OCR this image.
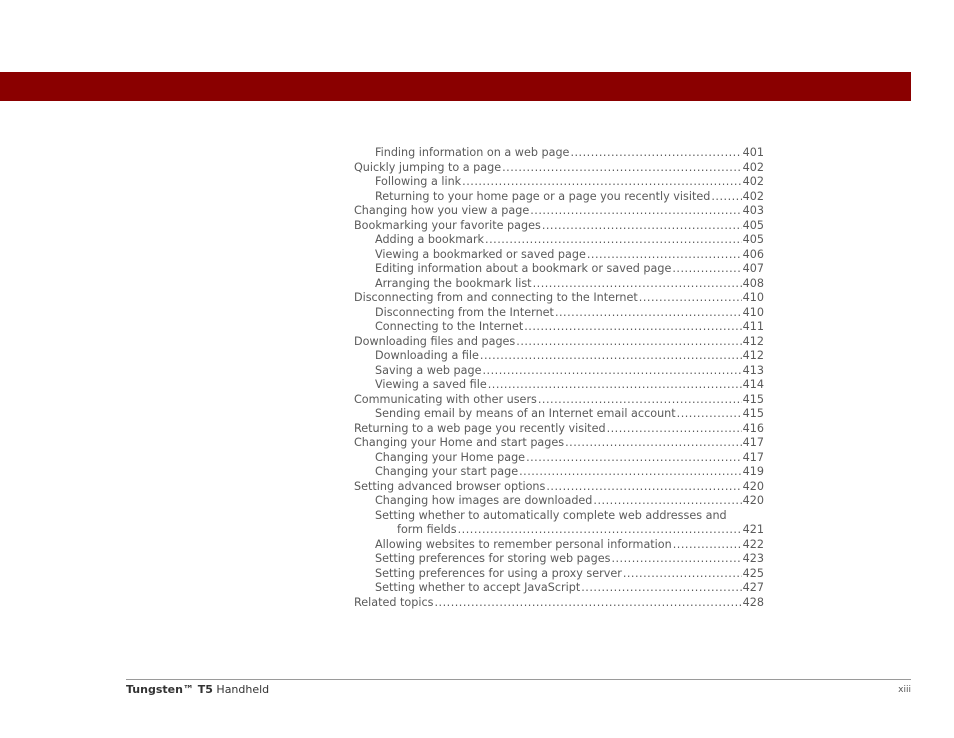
Finding information on a web page .....	401
Quickly jumping to a page .....	402
Following a link .....	402
Returning to your home page or a page you recently visited .....	402
Changing how you view a page .....	403
Bookmarking your favorite pages .....	405
Adding a bookmark .....	405
Viewing a bookmarked or saved page .....	406
Editing information about a bookmark or saved page .....	407
Arranging the bookmark list .....	408
Disconnecting from and connecting to the Internet .....	410
Disconnecting from the Internet .....	410
Connecting to the Internet .....	411
Downloading files and pages .....	412
Downloading a file .....	412
Saving a web page .....	413
Viewing a saved file .....	414
Communicating with other users .....	415
Sending email by means of an Internet email account .....	415
Returning to a web page you recently visited .....	416
Changing your Home and start pages .....	417
Changing your Home page .....	417
Changing your start page .....	419
Setting advanced browser options .....	420
Changing how images are downloaded .....	420
Setting whether to automatically complete web addresses and
form fields .....	421
Allowing websites to remember personal information .....	422
Setting preferences for storing web pages .....	423
Setting preferences for using a proxy server .....	425
Setting whether to accept JavaScript .....	427
Related topics .....	428
Tungsten™ T5 Handheld	xiii
